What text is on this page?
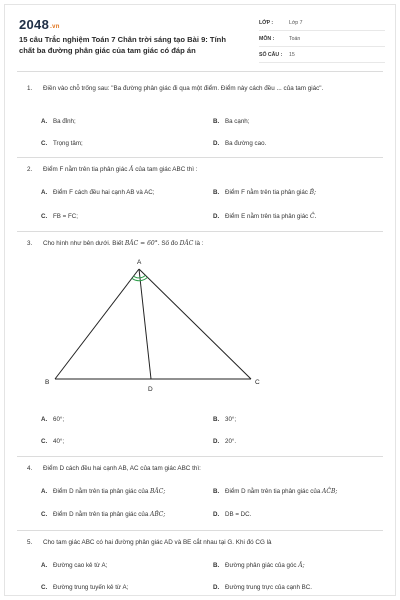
2048.vn
15 câu Trắc nghiệm Toán 7 Chân trời sáng tạo Bài 9: Tính chất ba đường phân giác của tam giác có đáp án
LỚP :	Lớp 7
MÔN :	Toán
SỐ CÂU : 15
1. Điền vào chỗ trống sau: "Ba đường phân giác đi qua một điểm. Điểm này cách đều ... của tam giác".
A. Ba đỉnh;	B. Ba cạnh;
C. Trọng tâm;	D. Ba đường cao.
2. Điểm F nằm trên tia phân giác Â của tam giác ABC thì :
A. Điểm F cách đều hai cạnh AB và AC;	B. Điểm F nằm trên tia phân giác B̂;
C. FB = FC;	D. Điểm E nằm trên tia phân giác Ĉ.
3. Cho hình như bên dưới. Biết BÂC = 60°. Số đo DÂC là :
A
B	C
D
A. 60°;	B. 30°;
C. 40°;	D. 20°.
4. Điểm D cách đều hai cạnh AB, AC của tam giác ABC thì:
A. Điểm D nằm trên tia phân giác của BÂC;	B. Điểm D nằm trên tia phân giác của AĈB;
C. Điểm D nằm trên tia phân giác của AB̂C;	D. DB = DC.
5. Cho tam giác ABC có hai đường phân giác AD và BE cắt nhau tại G. Khi đó CG là
A. Đường cao kẻ từ A;	B. Đường phân giác của góc Â;
C. Đường trung tuyến kẻ từ A;	D. Đường trung trực của cạnh BC.
